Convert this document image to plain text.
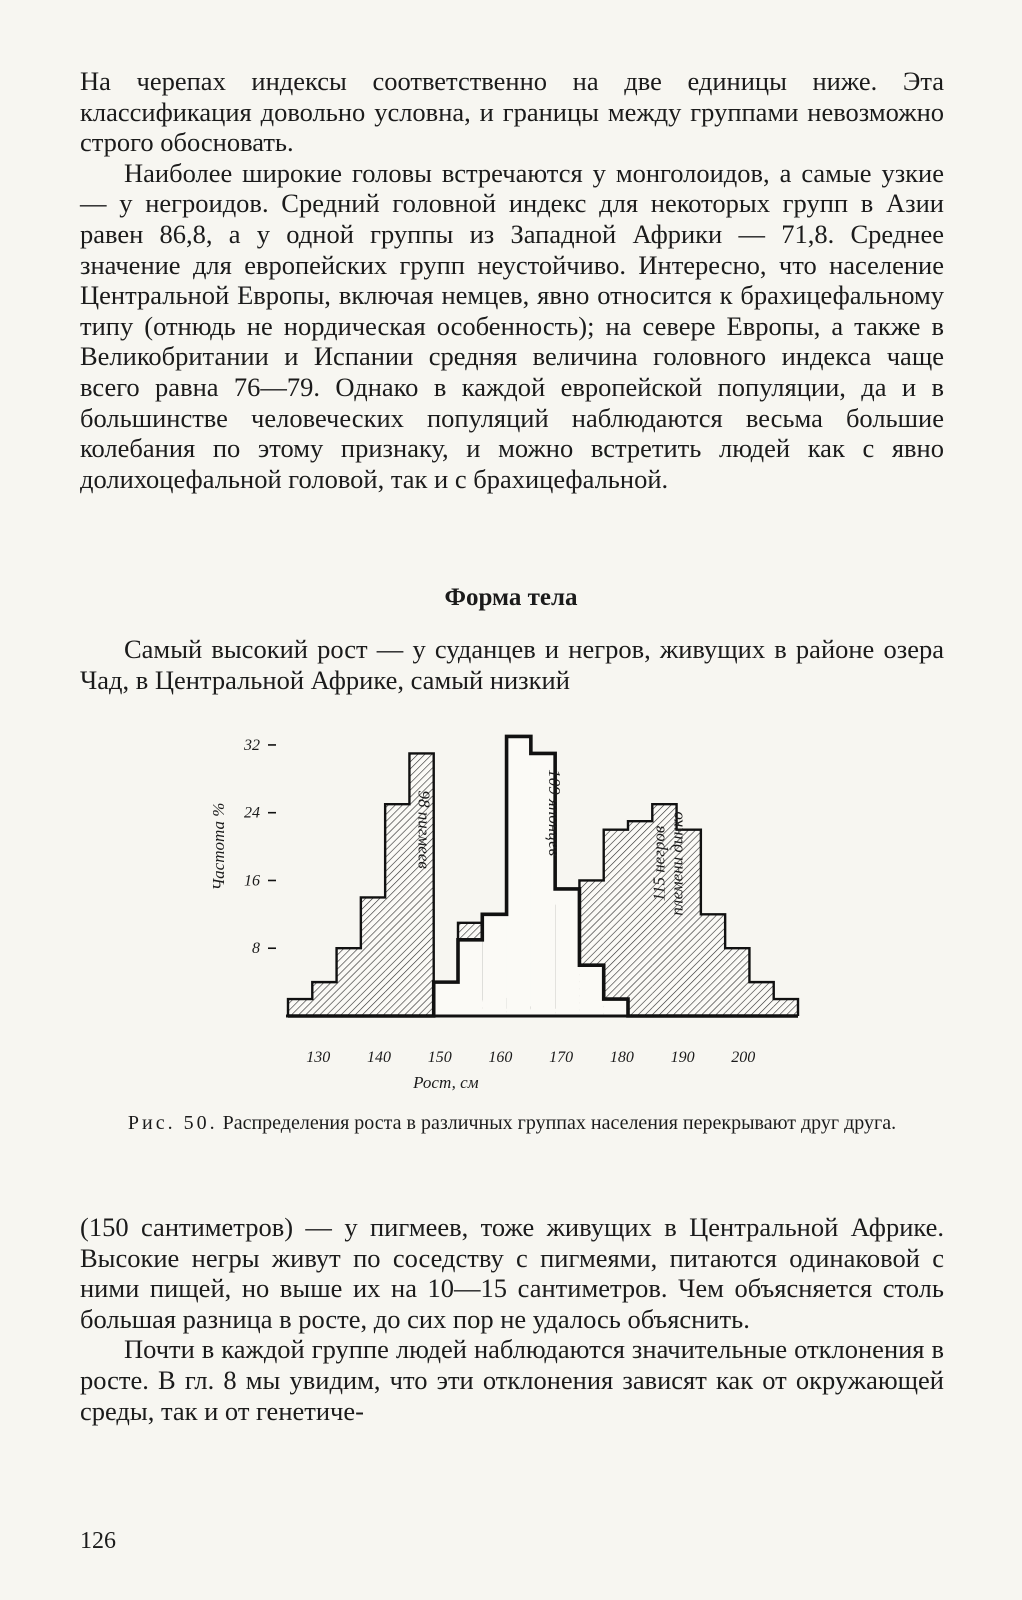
На черепах индексы соответственно на две единицы ниже. Эта классификация довольно условна, и границы между группами невозможно строго обосновать.

Наиболее широкие головы встречаются у монголоидов, а самые узкие — у негроидов. Средний головной индекс для некоторых групп в Азии равен 86,8, а у одной группы из Западной Африки — 71,8. Среднее значение для европейских групп неустойчиво. Интересно, что население Центральной Европы, включая немцев, явно относится к брахицефальному типу (отнюдь не нордическая особенность); на севере Европы, а также в Великобритании и Испании средняя величина головного индекса чаще всего равна 76—79. Однако в каждой европейской популяции, да и в большинстве человеческих популяций наблюдаются весьма большие колебания по этому признаку, и можно встретить людей как с явно долихоцефальной головой, так и с брахицефальной.

Форма тела

Самый высокий рост — у суданцев и негров, живущих в районе озера Чад, в Центральной Африке, самый низкий

8
16
24
32
130 140 150 160 170 180 190 200
Рост, см
Частота %	98 пигмеев	109 японцев
115 негровплемени динко
Рис. 50. Распределения роста в различных группах населения перекрывают друг друга.

(150 сантиметров) — у пигмеев, тоже живущих в Центральной Африке. Высокие негры живут по соседству с пигмеями, питаются одинаковой с ними пищей, но выше их на 10—15 сантиметров. Чем объясняется столь большая разница в росте, до сих пор не удалось объяснить.

Почти в каждой группе людей наблюдаются значительные отклонения в росте. В гл. 8 мы увидим, что эти отклонения зависят как от окружающей среды, так и от генетиче-

126
